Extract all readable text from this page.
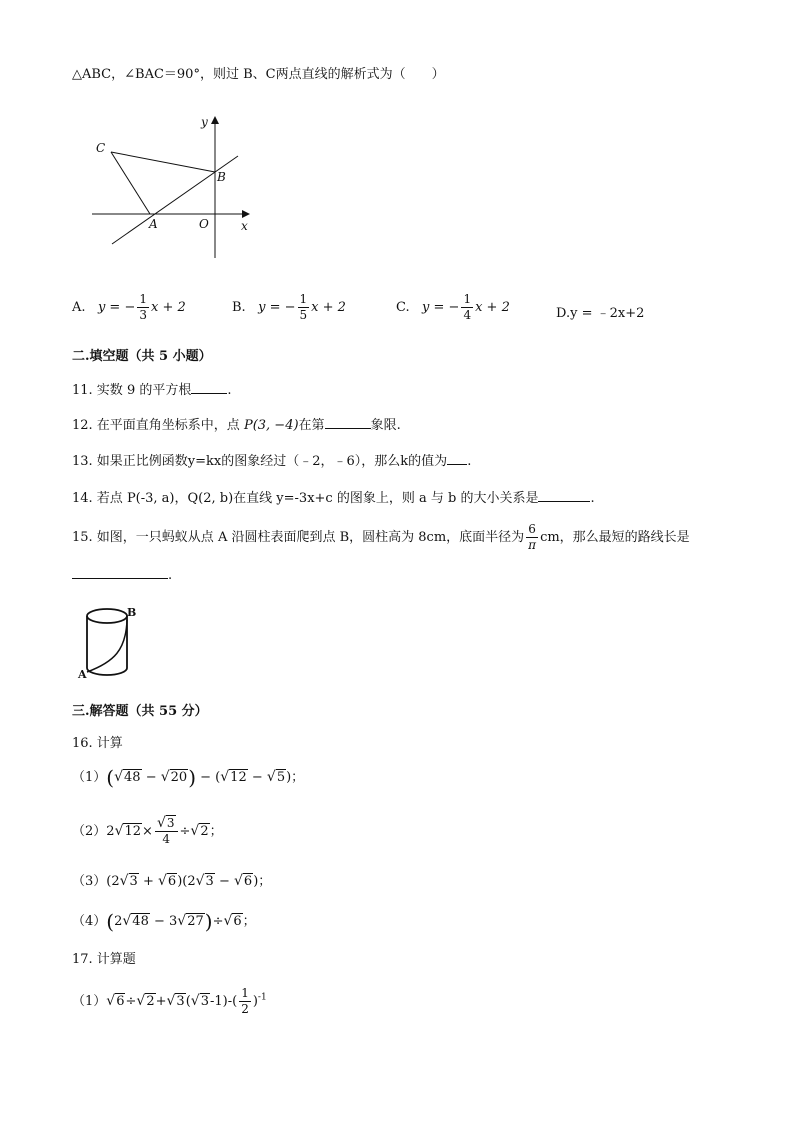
△ABC，∠BAC＝90°，则过 B、C两点直线的解析式为（　　）
y
x
C
B
A	O
A. y = − $\frac{1}{3}$ x + 2	B. y = − $\frac{1}{5}$ x + 2	C. y = − $\frac{1}{4}$ x + 2	D.y = ﹣2x+2
二.填空题（共 5 小题）
11. 实数 9 的平方根	.
12. 在平面直角坐标系中，点 P(3, −4)在第	象限.
13. 如果正比例函数y=kx的图象经过（﹣2，﹣6），那么k的值为 .
14. 若点 P(-3, a)，Q(2, b)在直线 y=-3x+c 的图象上，则 a 与 b 的大小关系是	.
15. 如图，一只蚂蚁从点 A 沿圆柱表面爬到点 B，圆柱高为 8cm，底面半径为 $\frac{6}{\pi}$ cm，那么最短的路线长是
.
B
A
三.解答题（共 55 分）
16. 计算
（1）(√48 − √20) − (√12 − √5)；
$(2)2√12\times \frac{√3}{4} \div√2$；
（3）(2√3 + √6)(2√3 − √6)；
（4）(2√48 − 3√27)÷√6；
17. 计算题
$(1)√6\div√2+√3(√3-1)-( \frac{1}{2} )^{-1}$
